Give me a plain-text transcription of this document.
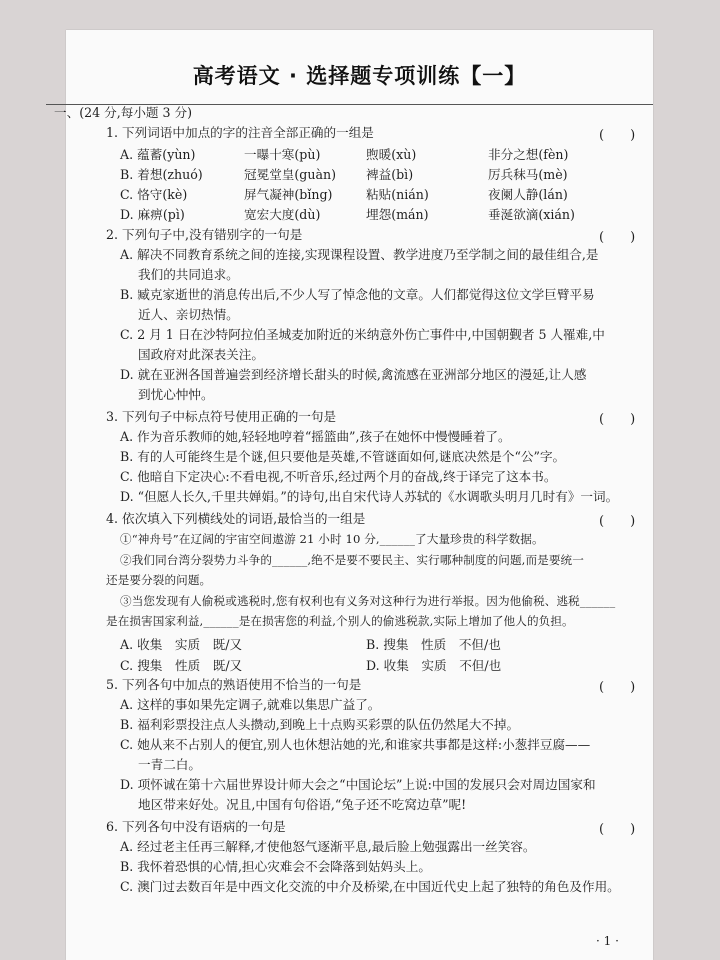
高考语文 · 选择题专项训练【一】
一、(24 分,每小题 3 分)
1. 下列词语中加点的字的注音全部正确的一组是	(　　)
A. 蕴蓄(yùn)	一曝十寒(pù)	煦暖(xù)	非分之想(fèn)
B. 着想(zhuó)	冠冕堂皇(guàn) 裨益(bì)	厉兵秣马(mè)
C. 恪守(kè)	屏气凝神(bǐng)	粘贴(nián)	夜阑人静(lán)
D. 麻痹(pì)	宽宏大度(dù)	埋怨(mán)	垂涎欲滴(xián)
2. 下列句子中,没有错别字的一句是	(　　)
A. 解决不同教育系统之间的连接,实现课程设置、教学进度乃至学制之间的最佳组合,是
我们的共同追求。
B. 臧克家逝世的消息传出后,不少人写了悼念他的文章。人们都觉得这位文学巨臂平易
近人、亲切热情。
C. 2 月 1 日在沙特阿拉伯圣城麦加附近的米纳意外伤亡事件中,中国朝觐者 5 人罹难,中
国政府对此深表关注。
D. 就在亚洲各国普遍尝到经济增长甜头的时候,禽流感在亚洲部分地区的漫延,让人感
到忧心忡忡。
3. 下列句子中标点符号使用正确的一句是	(　　)
A. 作为音乐教师的她,轻轻地哼着“摇篮曲”,孩子在她怀中慢慢睡着了。
B. 有的人可能终生是个谜,但只要他是英雄,不管谜面如何,谜底决然是个“公”字。
C. 他暗自下定决心:不看电视,不听音乐,经过两个月的奋战,终于译完了这本书。
D. “但愿人长久,千里共婵娟。”的诗句,出自宋代诗人苏轼的《水调歌头明月几时有》一词。
4. 依次填入下列横线处的词语,最恰当的一组是	(　　)
①“神舟号”在辽阔的宇宙空间遨游 21 小时 10 分,______了大量珍贵的科学数据。
②我们同台湾分裂势力斗争的______,绝不是要不要民主、实行哪种制度的问题,而是要统一
还是要分裂的问题。
③当您发现有人偷税或逃税时,您有权利也有义务对这种行为进行举报。因为他偷税、逃税______
是在损害国家利益,______是在损害您的利益,个别人的偷逃税款,实际上增加了他人的负担。
A. 收集　实质　既/又	B. 搜集　性质　不但/也
C. 搜集　性质　既/又	D. 收集　实质　不但/也
5. 下列各句中加点的熟语使用不恰当的一句是	(　　)
A. 这样的事如果先定调子,就难以集思广益了。
B. 福利彩票投注点人头攒动,到晚上十点购买彩票的队伍仍然尾大不掉。
C. 她从来不占别人的便宜,别人也休想沾她的光,和谁家共事都是这样:小葱拌豆腐——
一青二白。
D. 项怀诚在第十六届世界设计师大会之“中国论坛”上说:中国的发展只会对周边国家和
地区带来好处。况且,中国有句俗语,“兔子还不吃窝边草”呢!
6. 下列各句中没有语病的一句是	(　　)
A. 经过老主任再三解释,才使他怒气逐渐平息,最后脸上勉强露出一丝笑容。
B. 我怀着恐惧的心情,担心灾难会不会降落到姑妈头上。
C. 澳门过去数百年是中西文化交流的中介及桥梁,在中国近代史上起了独特的角色及作用。
· 1 ·
